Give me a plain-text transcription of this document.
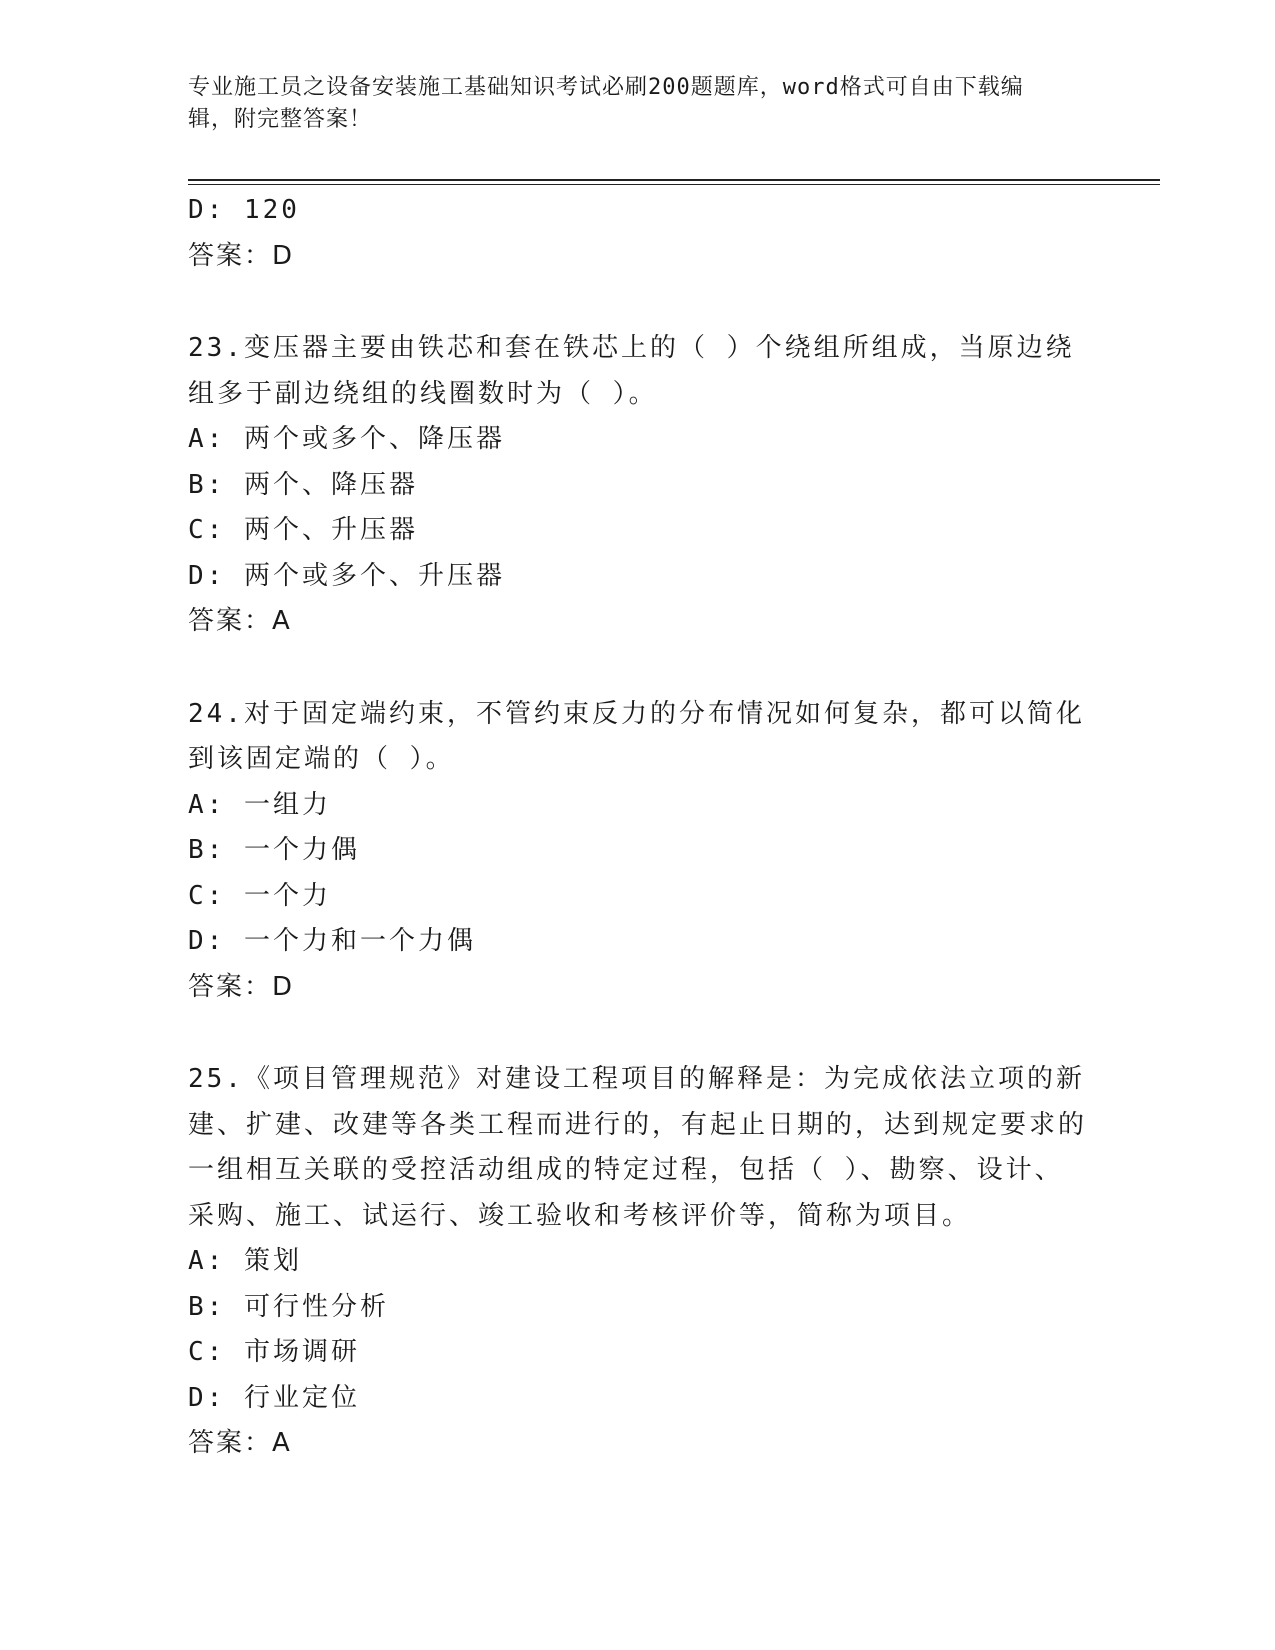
专业施工员之设备安装施工基础知识考试必刷200题题库，word格式可自由下载编辑，附完整答案！
D: 120
答案：D
23.变压器主要由铁芯和套在铁芯上的（ ）个绕组所组成，当原边绕组多于副边绕组的线圈数时为（ ）。
A: 两个或多个、降压器
B: 两个、降压器
C: 两个、升压器
D: 两个或多个、升压器
答案：A
24.对于固定端约束，不管约束反力的分布情况如何复杂，都可以简化到该固定端的（ ）。
A: 一组力
B: 一个力偶
C: 一个力
D: 一个力和一个力偶
答案：D
25.《项目管理规范》对建设工程项目的解释是：为完成依法立项的新建、扩建、改建等各类工程而进行的，有起止日期的，达到规定要求的一组相互关联的受控活动组成的特定过程，包括（ ）、勘察、设计、采购、施工、试运行、竣工验收和考核评价等，简称为项目。
A: 策划
B: 可行性分析
C: 市场调研
D: 行业定位
答案：A
